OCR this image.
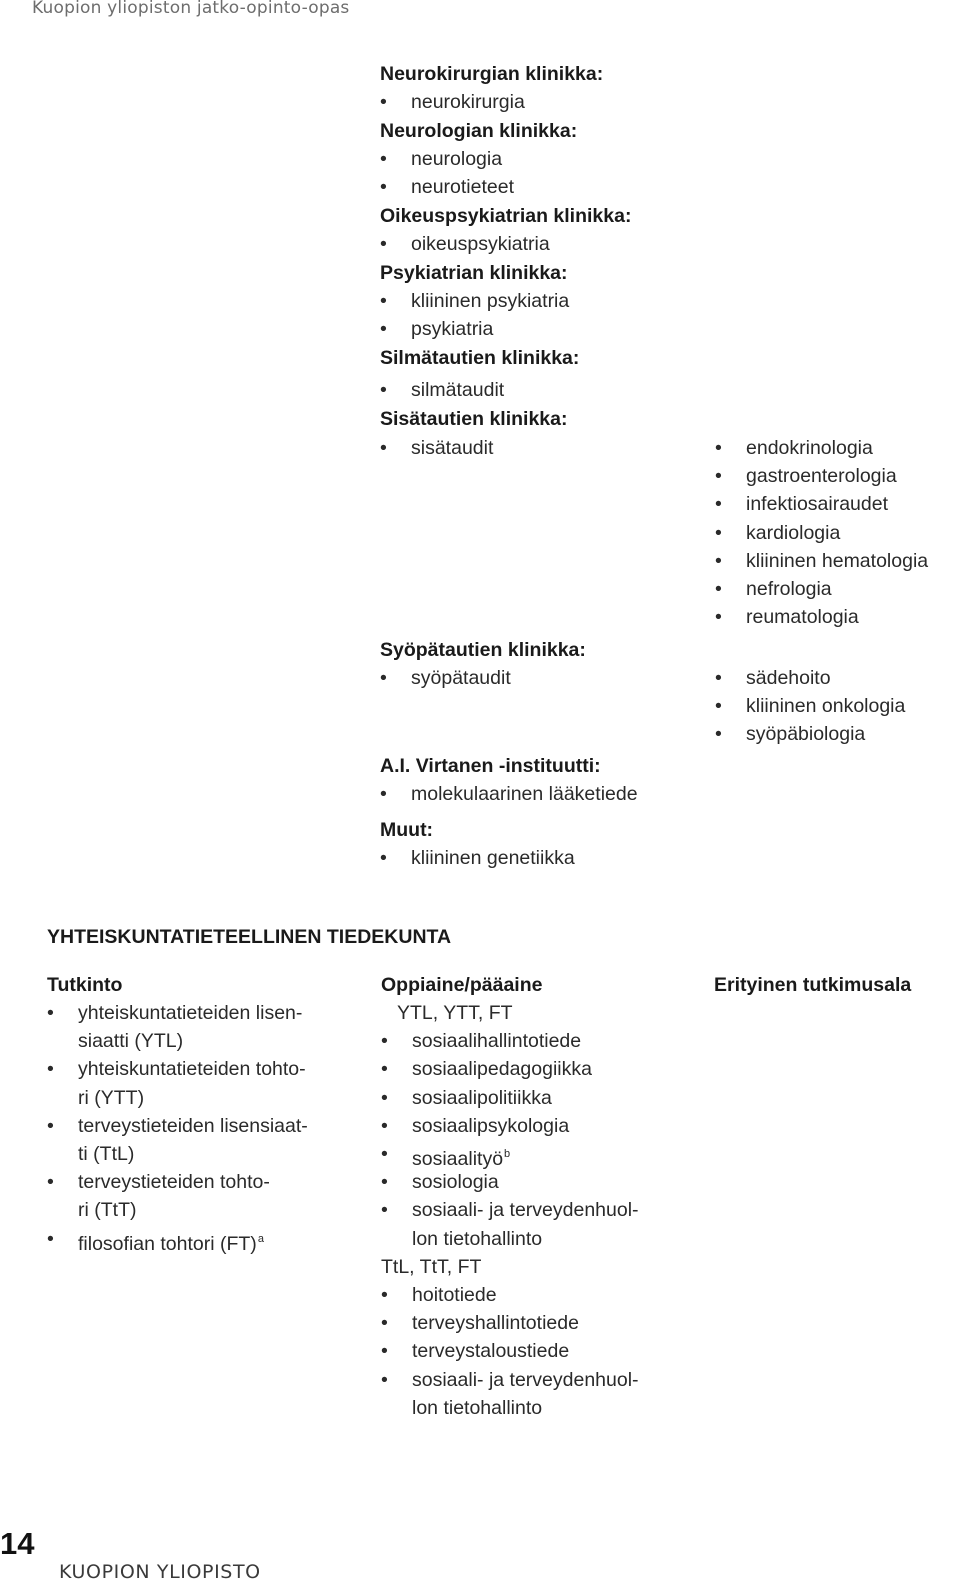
Kuopion yliopiston jatko-opinto-opas
Neurokirurgian klinikka:
• neurokirurgia
Neurologian klinikka:
• neurologia
• neurotieteet
Oikeuspsykiatrian klinikka:
• oikeuspsykiatria
Psykiatrian klinikka:
• kliininen psykiatria
• psykiatria
Silmätautien klinikka:
• silmätaudit
Sisätautien klinikka:
• sisätaudit
Syöpätautien klinikka:
• syöpätaudit
A.I. Virtanen -instituutti:
• molekulaarinen lääketiede
Muut:
• kliininen genetiikka
• endokrinologia
• gastroenterologia
• infektiosairaudet
• kardiologia
• kliininen hematologia
• nefrologia
• reumatologia
• sädehoito
• kliininen onkologia
• syöpäbiologia
YHTEISKUNTATIETEELLINEN TIEDEKUNTA
Tutkinto	Oppiaine/pääaine	Erityinen tutkimusala
• yhteiskuntatieteiden lisen-
siaatti (YTL)
• yhteiskuntatieteiden tohto-
ri (YTT)
• terveystieteiden lisensiaat-
ti (TtL)
• terveystieteiden tohto-
ri (TtT)
• filosofian tohtori (FT)$^a$
YTL, YTT, FT
• sosiaalihallintotiede
• sosiaalipedagogiikka
• sosiaalipolitiikka
• sosiaalipsykologia
• sosiaalityö$^b$
• sosiologia
• sosiaali- ja terveydenhuol-
lon tietohallinto
TtL, TtT, FT
• hoitotiede
• terveyshallintotiede
• terveystaloustiede
• sosiaali- ja terveydenhuol-
lon tietohallinto
14
KUOPION YLIOPISTO
